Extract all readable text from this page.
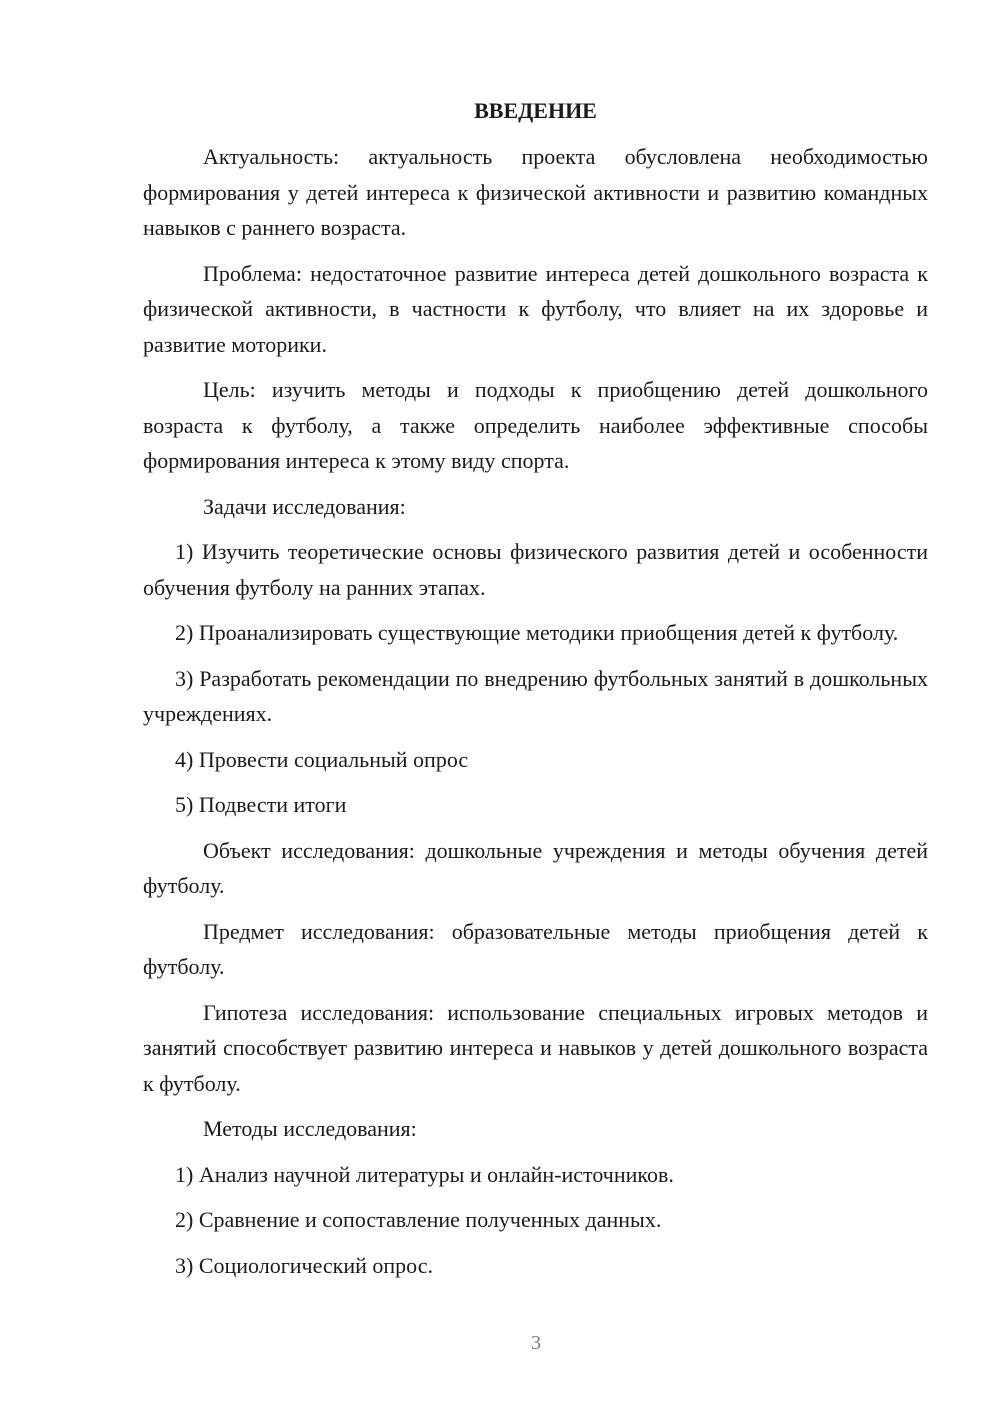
ВВЕДЕНИЕ

Актуальность: актуальность проекта обусловлена необходимостью формирования у детей интереса к физической активности и развитию командных навыков с раннего возраста.

Проблема: недостаточное развитие интереса детей дошкольного возраста к физической активности, в частности к футболу, что влияет на их здоровье и развитие моторики.

Цель: изучить методы и подходы к приобщению детей дошкольного возраста к футболу, а также определить наиболее эффективные способы формирования интереса к этому виду спорта.

Задачи исследования:

1) Изучить теоретические основы физического развития детей и особенности обучения футболу на ранних этапах.

2) Проанализировать существующие методики приобщения детей к футболу.

3) Разработать рекомендации по внедрению футбольных занятий в дошкольных учреждениях.

4) Провести социальный опрос

5) Подвести итоги

Объект исследования: дошкольные учреждения и методы обучения детей футболу.

Предмет исследования: образовательные методы приобщения детей к футболу.

Гипотеза исследования: использование специальных игровых методов и занятий способствует развитию интереса и навыков у детей дошкольного возраста к футболу.

Методы исследования:

1) Анализ научной литературы и онлайн-источников.

2) Сравнение и сопоставление полученных данных.

3) Социологический опрос.

3
